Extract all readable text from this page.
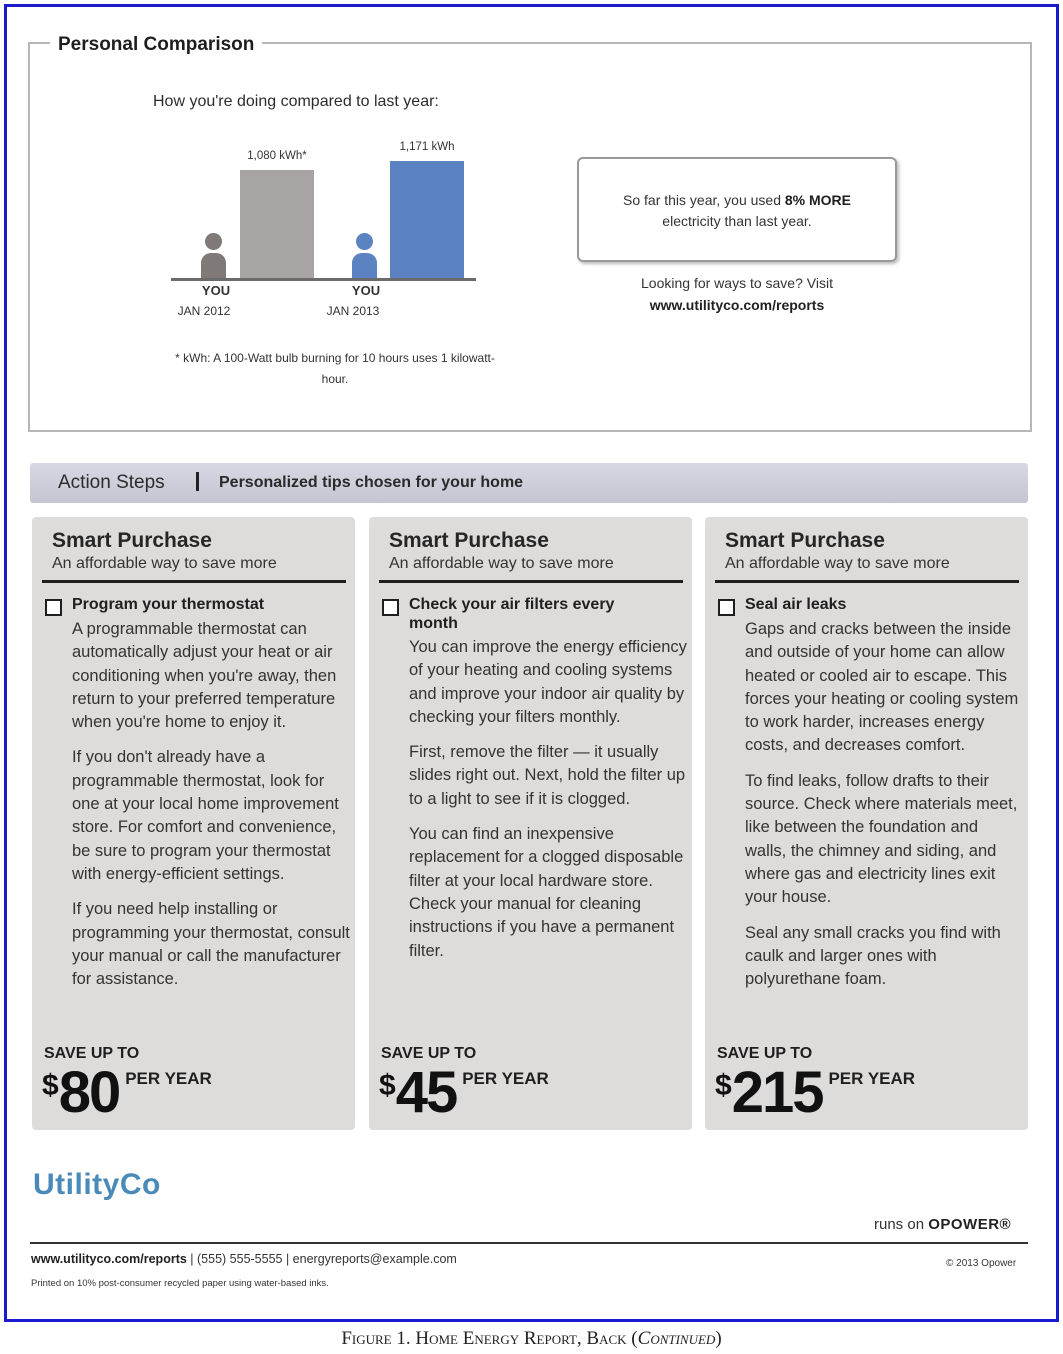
Personal Comparison
How you're doing compared to last year:
1,080 kWh*
YOU
JAN 2012
1,171 kWh
YOU
JAN 2013
* kWh: A 100-Watt bulb burning for 10 hours uses 1 kilowatt-hour.
So far this year, you used 8% MORE
electricity than last year.
Looking for ways to save? Visit
www.utilityco.com/reports
Action Steps	Personalized tips chosen for your home
Smart Purchase
An affordable way to save more
Program your thermostat

A programmable thermostat can automatically adjust your heat or air conditioning when you're away, then return to your preferred temperature when you're home to enjoy it.

If you don't already have a programmable thermostat, look for one at your local home improvement store. For comfort and convenience, be sure to program your thermostat with energy-efficient settings.

If you need help installing or programming your thermostat, consult your manual or call the manufacturer for assistance.

SAVE UP TO
$ 80 PER YEAR
Smart Purchase
An affordable way to save more
Check your air filters every month

You can improve the energy efficiency of your heating and cooling systems and improve your indoor air quality by checking your filters monthly.

First, remove the filter — it usually slides right out. Next, hold the filter up to a light to see if it is clogged.

You can find an inexpensive replacement for a clogged disposable filter at your local hardware store. Check your manual for cleaning instructions if you have a permanent filter.

SAVE UP TO
$ 45 PER YEAR
Smart Purchase
An affordable way to save more
Seal air leaks

Gaps and cracks between the inside and outside of your home can allow heated or cooled air to escape. This forces your heating or cooling system to work harder, increases energy costs, and decreases comfort.

To find leaks, follow drafts to their source. Check where materials meet, like between the foundation and walls, the chimney and siding, and where gas and electricity lines exit your house.

Seal any small cracks you find with caulk and larger ones with polyurethane foam.

SAVE UP TO
$ 215 PER YEAR
UtilityCo
runs on OPOWER®
www.utilityco.com/reports | (555) 555-5555 | energyreports@example.com	© 2013 Opower
Printed on 10% post-consumer recycled paper using water-based inks.
Figure 1. Home Energy Report, Back (Continued)
